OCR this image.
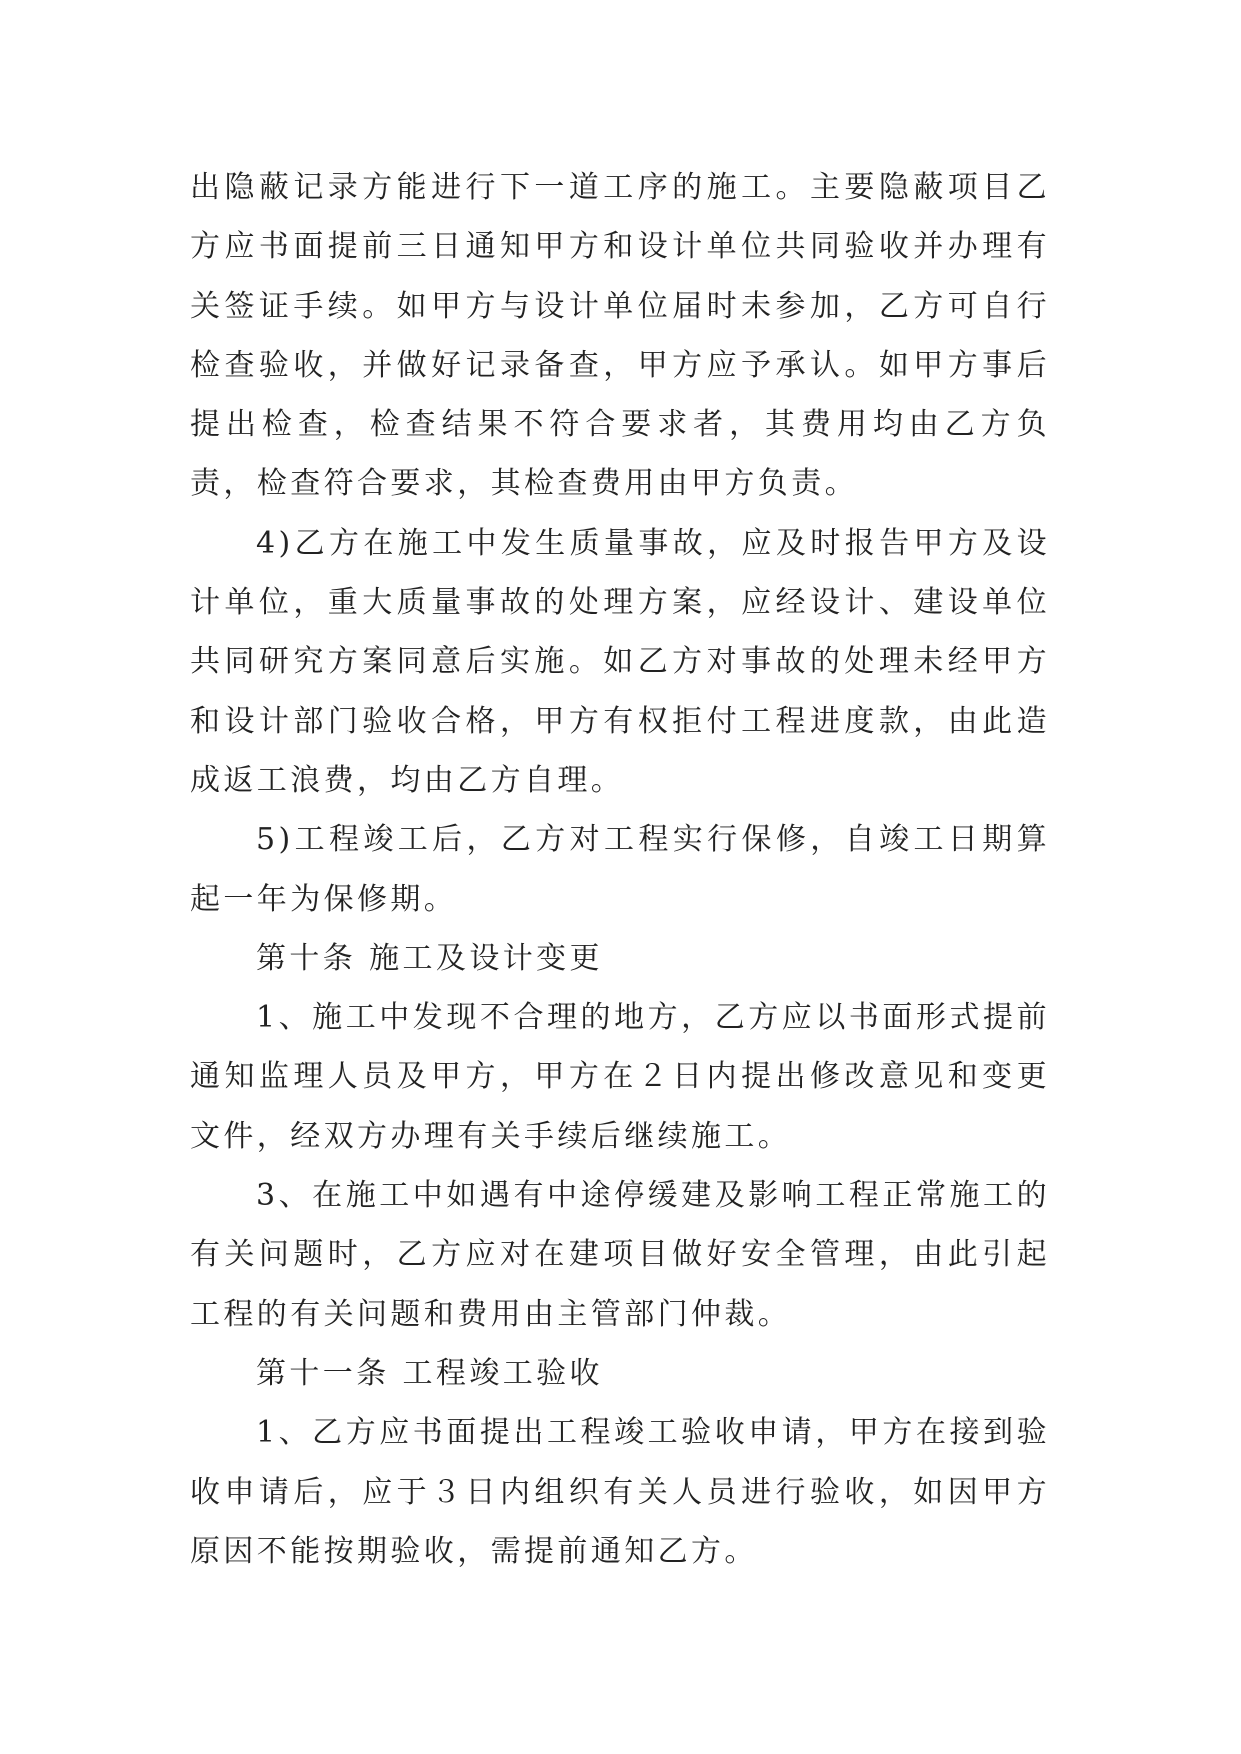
出隐蔽记录方能进行下一道工序的施工。主要隐蔽项目乙方应书面提前三日通知甲方和设计单位共同验收并办理有关签证手续。如甲方与设计单位届时未参加，乙方可自行检查验收，并做好记录备查，甲方应予承认。如甲方事后提出检查，检查结果不符合要求者，其费用均由乙方负责，检查符合要求，其检查费用由甲方负责。

4)乙方在施工中发生质量事故，应及时报告甲方及设计单位，重大质量事故的处理方案，应经设计、建设单位共同研究方案同意后实施。如乙方对事故的处理未经甲方和设计部门验收合格，甲方有权拒付工程进度款，由此造成返工浪费，均由乙方自理。

5)工程竣工后，乙方对工程实行保修，自竣工日期算起一年为保修期。

第十条 施工及设计变更

1、施工中发现不合理的地方，乙方应以书面形式提前通知监理人员及甲方，甲方在２日内提出修改意见和变更文件，经双方办理有关手续后继续施工。

3、在施工中如遇有中途停缓建及影响工程正常施工的有关问题时，乙方应对在建项目做好安全管理，由此引起工程的有关问题和费用由主管部门仲裁。

第十一条 工程竣工验收

1、乙方应书面提出工程竣工验收申请，甲方在接到验收申请后，应于３日内组织有关人员进行验收，如因甲方原因不能按期验收，需提前通知乙方。
